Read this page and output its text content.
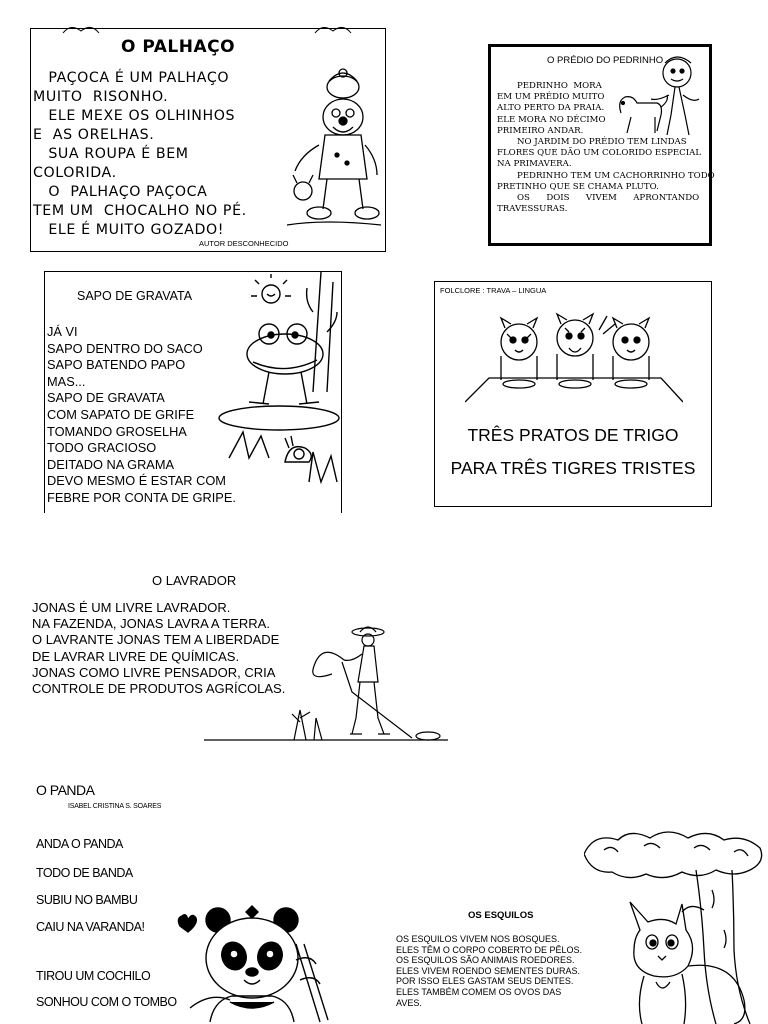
O PALHAÇO
PAÇOCA É UM PALHAÇO
MUITO  RISONHO.
ELE MEXE OS OLHINHOS
E  AS ORELHAS.
SUA ROUPA É BEM
COLORIDA.
O  PALHAÇO PAÇOCA
TEM UM  CHOCALHO NO PÉ.
ELE É MUITO GOZADO!
AUTOR DESCONHECIDO
O PRÉDIO DO PEDRINHO
PEDRINHO  MORA
EM UM PRÉDIO MUITO
ALTO PERTO DA PRAIA.
ELE MORA NO DÉCIMO
PRIMEIRO ANDAR.
NO JARDIM DO PRÉDIO TEM LINDAS
FLORES QUE DÃO UM COLORIDO ESPECIAL
NA PRIMAVERA.
PEDRINHO TEM UM CACHORRINHO TODO
PRETINHO QUE SE CHAMA PLUTO.
OS      DOIS      VIVEM      APRONTANDO
TRAVESSURAS.
SAPO DE GRAVATA
JÁ VI
SAPO DENTRO DO SACO
SAPO BATENDO PAPO
MAS...
SAPO DE GRAVATA
COM SAPATO DE GRIFE
TOMANDO GROSELHA
TODO GRACIOSO
DEITADO NA GRAMA
DEVO MESMO É ESTAR COM
FEBRE POR CONTA DE GRIPE.
FOLCLORE : TRAVA – LINGUA
TRÊS PRATOS DE TRIGO
PARA TRÊS TIGRES TRISTES
O LAVRADOR
JONAS É UM LIVRE LAVRADOR.
NA FAZENDA, JONAS LAVRA A TERRA.
O LAVRANTE JONAS TEM A LIBERDADE
DE LAVRAR LIVRE DE QUÍMICAS.
JONAS COMO LIVRE PENSADOR, CRIA
CONTROLE DE PRODUTOS AGRÍCOLAS.
O PANDA
ISABEL CRISTINA S. SOARES
ANDA O PANDA
TODO DE BANDA
SUBIU NO BAMBU
CAIU NA VARANDA!
TIROU UM COCHILO
SONHOU COM O TOMBO
OS ESQUILOS
OS ESQUILOS VIVEM NOS BOSQUES.
ELES TÊM O CORPO COBERTO DE PÊLOS.
OS ESQUILOS SÃO ANIMAIS ROEDORES.
ELES VIVEM ROENDO SEMENTES DURAS.
POR ISSO ELES GASTAM SEUS DENTES.
ELES TAMBÉM COMEM OS OVOS DAS
AVES.
